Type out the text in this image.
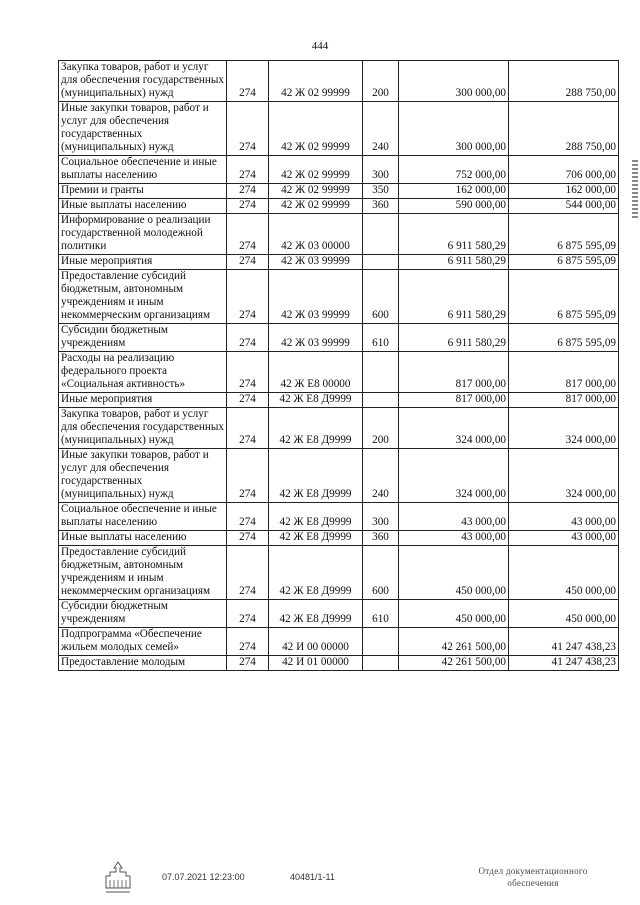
444
Закупка товаров, работ и услуг для обеспечения государственных (муниципальных) нужд	274	42 Ж 02 99999	200	300 000,00	288 750,00
Иные закупки товаров, работ и услуг для обеспечения государственных (муниципальных) нужд	274	42 Ж 02 99999	240	300 000,00	288 750,00
Социальное обеспечение и иные выплаты населению	274	42 Ж 02 99999	300	752 000,00	706 000,00
Премии и гранты	274	42 Ж 02 99999	350	162 000,00	162 000,00
Иные выплаты населению	274	42 Ж 02 99999	360	590 000,00	544 000,00
Информирование о реализации государственной молодежной политики	274	42 Ж 03 00000		6 911 580,29	6 875 595,09
Иные мероприятия	274	42 Ж 03 99999		6 911 580,29	6 875 595,09
Предоставление субсидий бюджетным, автономным учреждениям и иным некоммерческим организациям	274	42 Ж 03 99999	600	6 911 580,29	6 875 595,09
Субсидии бюджетным учреждениям	274	42 Ж 03 99999	610	6 911 580,29	6 875 595,09
Расходы на реализацию федерального проекта «Социальная активность»	274	42 Ж E8 00000		817 000,00	817 000,00
Иные мероприятия	274	42 Ж E8 Д9999		817 000,00	817 000,00
Закупка товаров, работ и услуг для обеспечения государственных (муниципальных) нужд	274	42 Ж E8 Д9999	200	324 000,00	324 000,00
Иные закупки товаров, работ и услуг для обеспечения государственных (муниципальных) нужд	274	42 Ж E8 Д9999	240	324 000,00	324 000,00
Социальное обеспечение и иные выплаты населению	274	42 Ж E8 Д9999	300	43 000,00	43 000,00
Иные выплаты населению	274	42 Ж E8 Д9999	360	43 000,00	43 000,00
Предоставление субсидий бюджетным, автономным учреждениям и иным некоммерческим организациям	274	42 Ж E8 Д9999	600	450 000,00	450 000,00
Субсидии бюджетным учреждениям	274	42 Ж E8 Д9999	610	450 000,00	450 000,00
Подпрограмма «Обеспечение жильем молодых семей»	274	42 И 00 00000		42 261 500,00	41 247 438,23
Предоставление молодым	274	42 И 01 00000		42 261 500,00	41 247 438,23
07.07.2021 12:23:00	40481/1-11
Отдел документационного обеспечения
